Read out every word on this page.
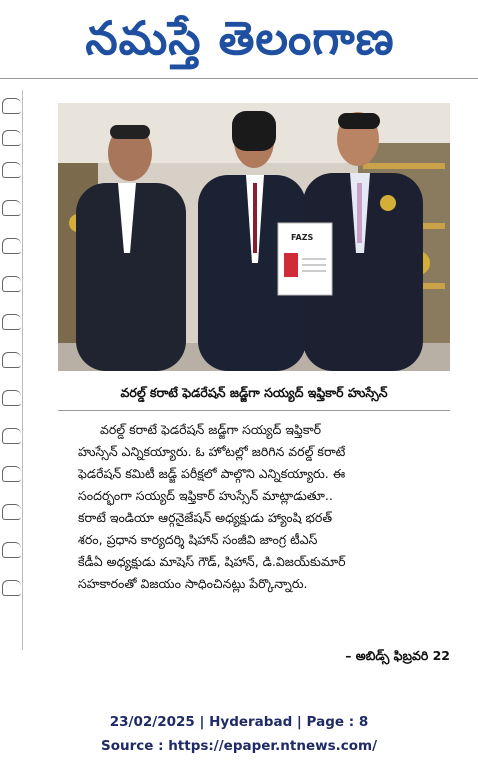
నమస్తే తెలంగాణ
FAZS
వరల్డ్ కరాటే ఫెడరేషన్ జడ్జ్‌గా సయ్యద్ ఇఫ్తికార్ హుస్సేన్
వరల్డ్ కరాటే ఫెడరేషన్ జడ్జ్‌గా సయ్యద్ ఇఫ్తికార్
హుస్సేన్ ఎన్నికయ్యారు. ఓ హోటల్లో జరిగిన వరల్డ్ కరాటే
ఫెడరేషన్ కమిటీ జడ్జ్ పరీక్షలో పాల్గొని ఎన్నికయ్యారు. ఈ
సందర్భంగా సయ్యద్ ఇఫ్తికార్ హుస్సేన్ మాట్లాడుతూ..
కరాటే ఇండియా ఆర్గనైజేషన్ అధ్యక్షుడు హ్యాంషి భరత్
శరం, ప్రధాన కార్యదర్శి షిహాన్ సంజీవి జాంగ్ర టీఎస్
కేడీఏ అధ్యక్షుడు మాషెస్ గౌడ్, షిహాన్, డి.విజయ్‌కుమార్
సహకారంతో విజయం సాధించినట్లు పేర్కొన్నారు.
– అబిడ్స్ ఫిబ్రవరి 22
23/02/2025 | Hyderabad | Page : 8
Source : https://epaper.ntnews.com/
